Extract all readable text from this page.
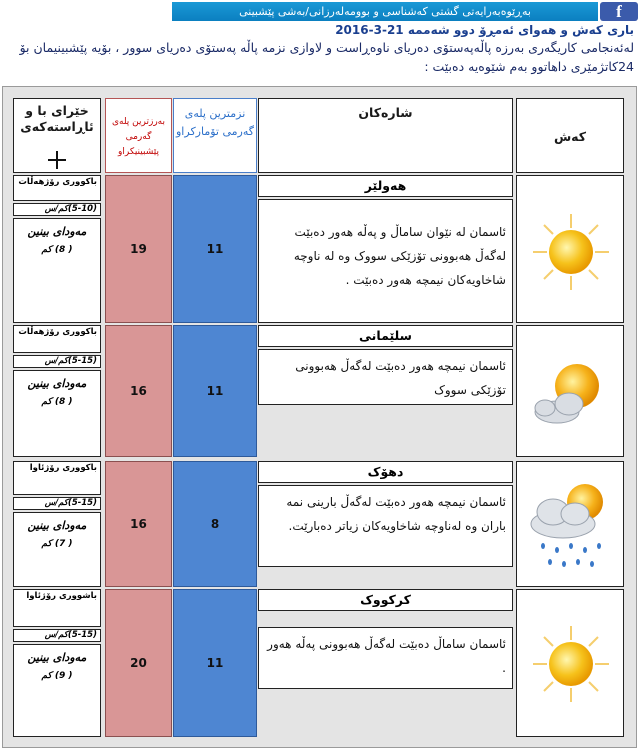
بەڕێوەبەرایەتی گشتی کەشناسی و بوومەلەرزانی/بەشی پێشبینی	f
باری کەش و هەوای ئەمڕۆ دوو شەممە 21-3-2016
لەئەنجامی کاریگەری بەرزە پاڵەپەستۆی دەریای ناوەڕاست و لاوازی نزمە پاڵە پەستۆی دەریای سوور ، بۆیە پێشبینیمان بۆ 24کاتژمێری داهاتوو بەم شێوەیە دەبێت :
کەش
شارەکان
نزمترین پلەی گەرمی تۆمارکراو
بەرزترین پلەی گەرمی پێشبینیکراو
خێرای با و ئاڕاستەکەی
هەولێر
ئاسمان لە نێوان ساماڵ و پەڵە هەور دەبێت لەگەڵ هەبوونی تۆزێکی سووک وە لە ناوچە شاخاویەکان نیمچە هەور دەبێت .
11
19
باکووری رۆژهەڵات
(5-10)کم/س
مەودای بینین
( 8) کم
سلێمانی
ئاسمان نیمچە هەور دەبێت لەگەڵ هەبوونی تۆزێکی سووک
11
16
باکووری رۆژهەڵات
(5-15)کم/س
مەودای بینین
( 8) کم
دهۆک
ئاسمان نیمچە هەور دەبێت لەگەڵ بارینی نمە باران وە لەناوچە شاخاویەکان زیاتر دەبارێت.
8
16
باکووری رۆژئاوا
(5-15)کم/س
مەودای بینین
( 7) کم
کرکووک
ئاسمان ساماڵ دەبێت لەگەڵ هەبوونی پەڵە هەور .
11
20
باشووری رۆژئاوا
(5-15)کم/س
مەودای بینین
( 9) کم
